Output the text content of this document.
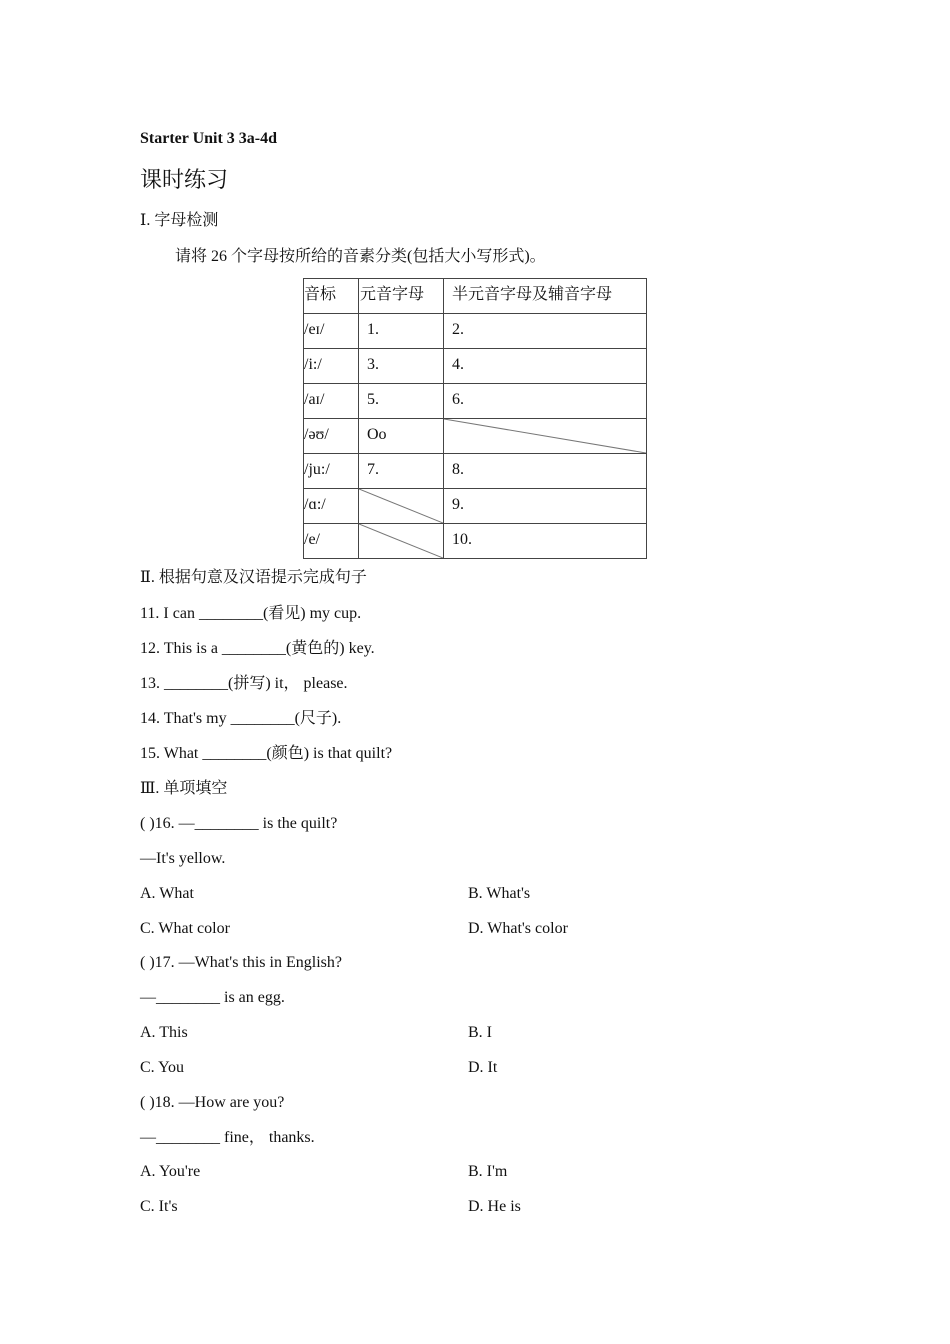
Starter Unit 3 3a-4d
课时练习
Ⅰ. 字母检测
请将 26 个字母按所给的音素分类(包括大小写形式)。
音标	元音字母	半元音字母及辅音字母

/eɪ/	1.	2.

/i:/	3.	4.

/aɪ/	5.	6.

/əʊ/	Oo

/ju:/	7.	8.

/ɑ:/		9.

/e/		10.
Ⅱ. 根据句意及汉语提示完成句子
11. I can ________(看见) my cup.
12. This is a ________(黄色的) key.
13. ________(拼写) it， please.
14. That's my ________(尺子).
15. What ________(颜色) is that quilt?
Ⅲ. 单项填空
( )16. —________ is the quilt?
—It's yellow.
A. What	B. What's
C. What color	D. What's color
( )17. —What's this in English?
—________ is an egg.
A. This	B. I
C. You	D. It
( )18. —How are you?
—________ fine， thanks.
A. You're	B. I'm
C. It's	D. He is
